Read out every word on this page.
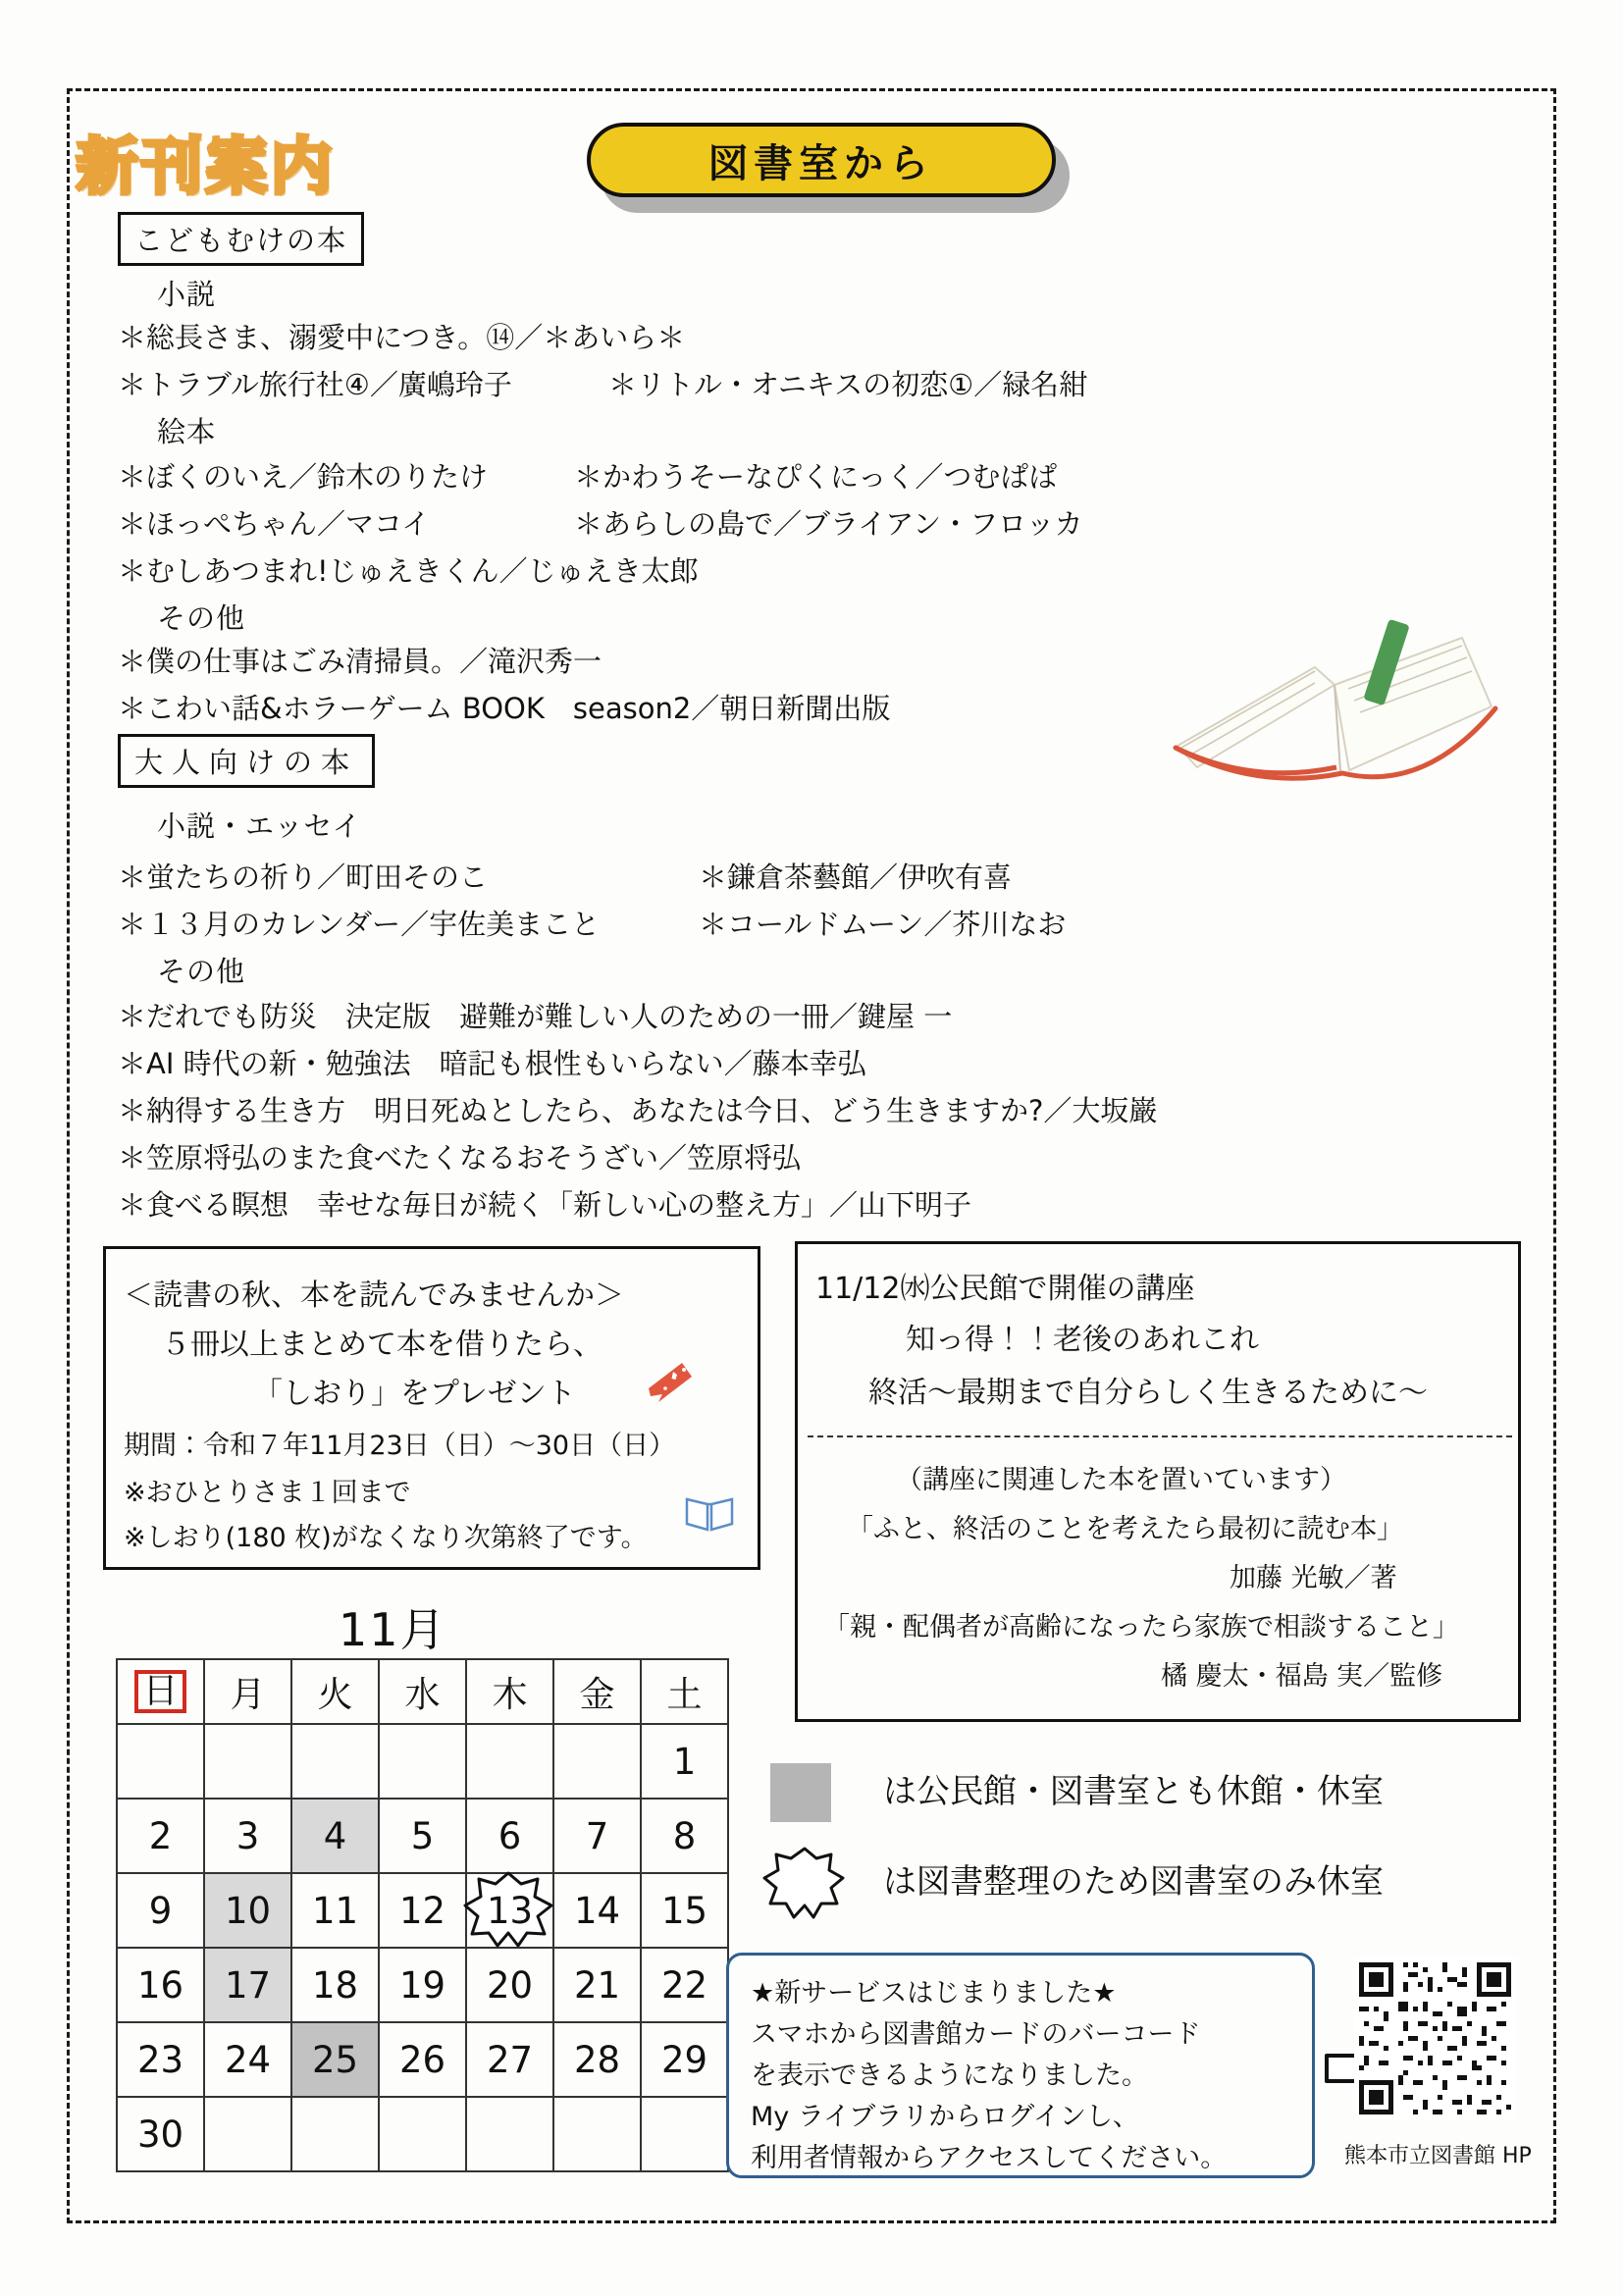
新刊案内	図書室から
こどもむけの本
小説
＊総長さま、溺愛中につき。⑭／＊あいら＊
＊トラブル旅行社④／廣嶋玲子	＊リトル・オニキスの初恋①／緑名紺
絵本
＊ぼくのいえ／鈴木のりたけ	＊かわうそーなぴくにっく／つむぱぱ
＊ほっぺちゃん／マコイ	＊あらしの島で／ブライアン・フロッカ
＊むしあつまれ!じゅえきくん／じゅえき太郎
その他
＊僕の仕事はごみ清掃員。／滝沢秀一
＊こわい話&ホラーゲーム BOOK　season2／朝日新聞出版
大人向けの本
小説・エッセイ
＊蛍たちの祈り／町田そのこ	＊鎌倉茶藝館／伊吹有喜
＊１３月のカレンダー／宇佐美まこと	＊コールドムーン／芥川なお
その他
＊だれでも防災　決定版　避難が難しい人のための一冊／鍵屋 一
＊AI 時代の新・勉強法　暗記も根性もいらない／藤本幸弘
＊納得する生き方　明日死ぬとしたら、あなたは今日、どう生きますか?／大坂巌
＊笠原将弘のまた食べたくなるおそうざい／笠原将弘
＊食べる瞑想　幸せな毎日が続く「新しい心の整え方」／山下明子
＜読書の秋、本を読んでみませんか＞
５冊以上まとめて本を借りたら、
「しおり」をプレゼント
期間：令和７年11月23日（日）〜30日（日）
※おひとりさま１回まで
※しおり(180 枚)がなくなり次第終了です。
11/12㈬公民館で開催の講座
知っ得！！老後のあれこれ
終活〜最期まで自分らしく生きるために〜
（講座に関連した本を置いています）
「ふと、終活のことを考えたら最初に読む本」
加藤 光敏／著
「親・配偶者が高齢になったら家族で相談すること」
橘 慶太・福島 実／監修
11月
日	月	火	水	木	金	土
						1
2	3	4	5	6	7	8
9	10	11	12	13	14	15
16	17	18	19	20	21	22
23	24	25	26	27	28	29
30						
は公民館・図書室とも休館・休室
は図書整理のため図書室のみ休室
★新サービスはじまりました★
スマホから図書館カードのバーコード
を表示できるようになりました。
My ライブラリからログインし、
利用者情報からアクセスしてください。	熊本市立図書館 HP
